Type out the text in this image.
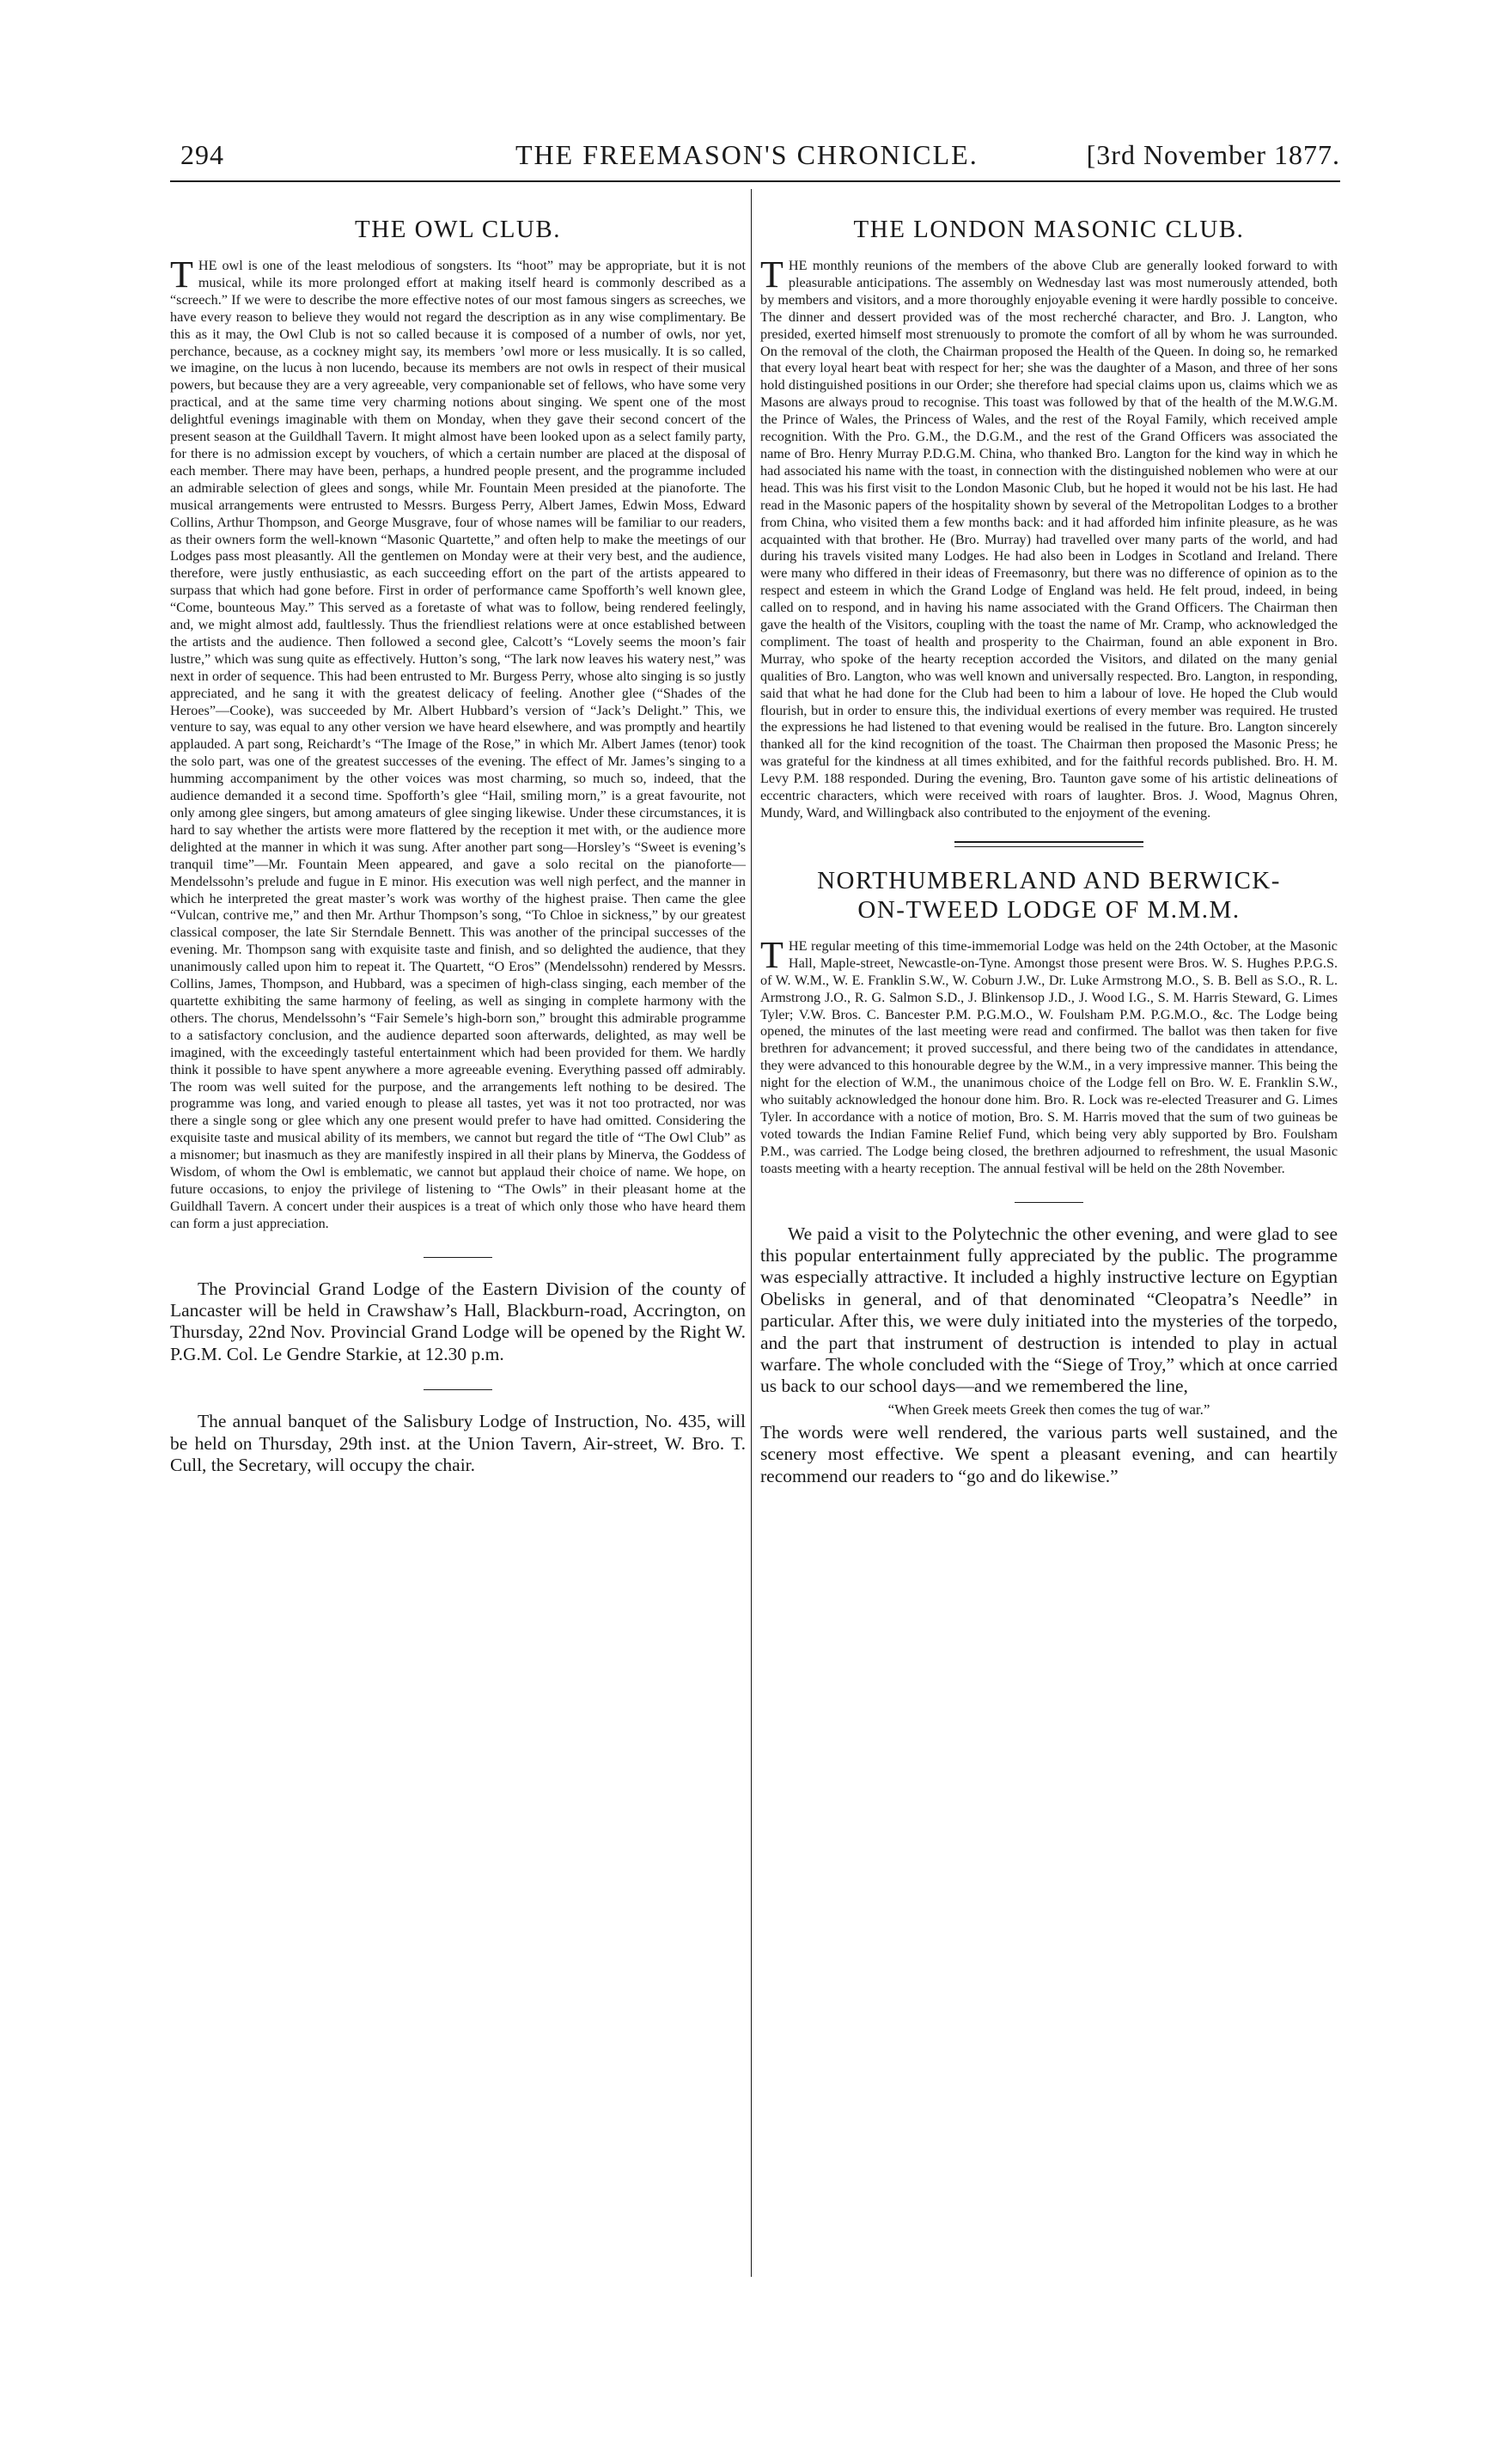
294	THE FREEMASON'S CHRONICLE.	[3rd November 1877.
THE OWL CLUB.

THE owl is one of the least melodious of songsters. Its “hoot” may be appropriate, but it is not musical, while its more prolonged effort at making itself heard is commonly described as a “screech.” If we were to describe the more effective notes of our most famous singers as screeches, we have every reason to believe they would not regard the description as in any wise complimentary. Be this as it may, the Owl Club is not so called because it is composed of a number of owls, nor yet, perchance, because, as a cockney might say, its members ’owl more or less musically. It is so called, we imagine, on the lucus à non lucendo, because its members are not owls in respect of their musical powers, but because they are a very agreeable, very companionable set of fellows, who have some very practical, and at the same time very charming notions about singing. We spent one of the most delightful evenings imaginable with them on Monday, when they gave their second concert of the present season at the Guildhall Tavern. It might almost have been looked upon as a select family party, for there is no admission except by vouchers, of which a certain number are placed at the disposal of each member. There may have been, perhaps, a hundred people present, and the programme included an admirable selection of glees and songs, while Mr. Fountain Meen presided at the pianoforte. The musical arrangements were entrusted to Messrs. Burgess Perry, Albert James, Edwin Moss, Edward Collins, Arthur Thompson, and George Musgrave, four of whose names will be familiar to our readers, as their owners form the well-known “Masonic Quartette,” and often help to make the meetings of our Lodges pass most pleasantly. All the gentlemen on Monday were at their very best, and the audience, therefore, were justly enthusiastic, as each succeeding effort on the part of the artists appeared to surpass that which had gone before. First in order of performance came Spofforth’s well known glee, “Come, bounteous May.” This served as a foretaste of what was to follow, being rendered feelingly, and, we might almost add, faultlessly. Thus the friendliest relations were at once established between the artists and the audience. Then followed a second glee, Calcott’s “Lovely seems the moon’s fair lustre,” which was sung quite as effectively. Hutton’s song, “The lark now leaves his watery nest,” was next in order of sequence. This had been entrusted to Mr. Burgess Perry, whose alto singing is so justly appreciated, and he sang it with the greatest delicacy of feeling. Another glee (“Shades of the Heroes”—Cooke), was succeeded by Mr. Albert Hubbard’s version of “Jack’s Delight.” This, we venture to say, was equal to any other version we have heard elsewhere, and was promptly and heartily applauded. A part song, Reichardt’s “The Image of the Rose,” in which Mr. Albert James (tenor) took the solo part, was one of the greatest successes of the evening. The effect of Mr. James’s singing to a humming accompaniment by the other voices was most charming, so much so, indeed, that the audience demanded it a second time. Spofforth’s glee “Hail, smiling morn,” is a great favourite, not only among glee singers, but among amateurs of glee singing likewise. Under these circumstances, it is hard to say whether the artists were more flattered by the reception it met with, or the audience more delighted at the manner in which it was sung. After another part song—Horsley’s “Sweet is evening’s tranquil time”—Mr. Fountain Meen appeared, and gave a solo recital on the pianoforte—Mendelssohn’s prelude and fugue in E minor. His execution was well nigh perfect, and the manner in which he interpreted the great master’s work was worthy of the highest praise. Then came the glee “Vulcan, contrive me,” and then Mr. Arthur Thompson’s song, “To Chloe in sickness,” by our greatest classical composer, the late Sir Sterndale Bennett. This was another of the principal successes of the evening. Mr. Thompson sang with exquisite taste and finish, and so delighted the audience, that they unanimously called upon him to repeat it. The Quartett, “O Eros” (Mendelssohn) rendered by Messrs. Collins, James, Thompson, and Hubbard, was a specimen of high-class singing, each member of the quartette exhibiting the same harmony of feeling, as well as singing in complete harmony with the others. The chorus, Mendelssohn’s “Fair Semele’s high-born son,” brought this admirable programme to a satisfactory conclusion, and the audience departed soon afterwards, delighted, as may well be imagined, with the exceedingly tasteful entertainment which had been provided for them. We hardly think it possible to have spent anywhere a more agreeable evening. Everything passed off admirably. The room was well suited for the purpose, and the arrangements left nothing to be desired. The programme was long, and varied enough to please all tastes, yet was it not too protracted, nor was there a single song or glee which any one present would prefer to have had omitted. Considering the exquisite taste and musical ability of its members, we cannot but regard the title of “The Owl Club” as a misnomer; but inasmuch as they are manifestly inspired in all their plans by Minerva, the Goddess of Wisdom, of whom the Owl is emblematic, we cannot but applaud their choice of name. We hope, on future occasions, to enjoy the privilege of listening to “The Owls” in their pleasant home at the Guildhall Tavern. A concert under their auspices is a treat of which only those who have heard them can form a just appreciation.

The Provincial Grand Lodge of the Eastern Division of the county of Lancaster will be held in Crawshaw’s Hall, Blackburn-road, Accrington, on Thursday, 22nd Nov. Provincial Grand Lodge will be opened by the Right W. P.G.M. Col. Le Gendre Starkie, at 12.30 p.m.

The annual banquet of the Salisbury Lodge of Instruction, No. 435, will be held on Thursday, 29th inst. at the Union Tavern, Air-street, W. Bro. T. Cull, the Secretary, will occupy the chair.

THE LONDON MASONIC CLUB.

THE monthly reunions of the members of the above Club are generally looked forward to with pleasurable anticipations. The assembly on Wednesday last was most numerously attended, both by members and visitors, and a more thoroughly enjoyable evening it were hardly possible to conceive. The dinner and dessert provided was of the most recherché character, and Bro. J. Langton, who presided, exerted himself most strenuously to promote the comfort of all by whom he was surrounded. On the removal of the cloth, the Chairman proposed the Health of the Queen. In doing so, he remarked that every loyal heart beat with respect for her; she was the daughter of a Mason, and three of her sons hold distinguished positions in our Order; she therefore had special claims upon us, claims which we as Masons are always proud to recognise. This toast was followed by that of the health of the M.W.G.M. the Prince of Wales, the Princess of Wales, and the rest of the Royal Family, which received ample recognition. With the Pro. G.M., the D.G.M., and the rest of the Grand Officers was associated the name of Bro. Henry Murray P.D.G.M. China, who thanked Bro. Langton for the kind way in which he had associated his name with the toast, in connection with the distinguished noblemen who were at our head. This was his first visit to the London Masonic Club, but he hoped it would not be his last. He had read in the Masonic papers of the hospitality shown by several of the Metropolitan Lodges to a brother from China, who visited them a few months back: and it had afforded him infinite pleasure, as he was acquainted with that brother. He (Bro. Murray) had travelled over many parts of the world, and had during his travels visited many Lodges. He had also been in Lodges in Scotland and Ireland. There were many who differed in their ideas of Freemasonry, but there was no difference of opinion as to the respect and esteem in which the Grand Lodge of England was held. He felt proud, indeed, in being called on to respond, and in having his name associated with the Grand Officers. The Chairman then gave the health of the Visitors, coupling with the toast the name of Mr. Cramp, who acknowledged the compliment. The toast of health and prosperity to the Chairman, found an able exponent in Bro. Murray, who spoke of the hearty reception accorded the Visitors, and dilated on the many genial qualities of Bro. Langton, who was well known and universally respected. Bro. Langton, in responding, said that what he had done for the Club had been to him a labour of love. He hoped the Club would flourish, but in order to ensure this, the individual exertions of every member was required. He trusted the expressions he had listened to that evening would be realised in the future. Bro. Langton sincerely thanked all for the kind recognition of the toast. The Chairman then proposed the Masonic Press; he was grateful for the kindness at all times exhibited, and for the faithful records published. Bro. H. M. Levy P.M. 188 responded. During the evening, Bro. Taunton gave some of his artistic delineations of eccentric characters, which were received with roars of laughter. Bros. J. Wood, Magnus Ohren, Mundy, Ward, and Willingback also contributed to the enjoyment of the evening.

NORTHUMBERLAND AND BERWICK-ON-TWEED LODGE OF M.M.M.

THE regular meeting of this time-immemorial Lodge was held on the 24th October, at the Masonic Hall, Maple-street, Newcastle-on-Tyne. Amongst those present were Bros. W. S. Hughes P.P.G.S. of W. W.M., W. E. Franklin S.W., W. Coburn J.W., Dr. Luke Armstrong M.O., S. B. Bell as S.O., R. L. Armstrong J.O., R. G. Salmon S.D., J. Blinkensop J.D., J. Wood I.G., S. M. Harris Steward, G. Limes Tyler; V.W. Bros. C. Bancester P.M. P.G.M.O., W. Foulsham P.M. P.G.M.O., &c. The Lodge being opened, the minutes of the last meeting were read and confirmed. The ballot was then taken for five brethren for advancement; it proved successful, and there being two of the candidates in attendance, they were advanced to this honourable degree by the W.M., in a very impressive manner. This being the night for the election of W.M., the unanimous choice of the Lodge fell on Bro. W. E. Franklin S.W., who suitably acknowledged the honour done him. Bro. R. Lock was re-elected Treasurer and G. Limes Tyler. In accordance with a notice of motion, Bro. S. M. Harris moved that the sum of two guineas be voted towards the Indian Famine Relief Fund, which being very ably supported by Bro. Foulsham P.M., was carried. The Lodge being closed, the brethren adjourned to refreshment, the usual Masonic toasts meeting with a hearty reception. The annual festival will be held on the 28th November.

We paid a visit to the Polytechnic the other evening, and were glad to see this popular entertainment fully appreciated by the public. The programme was especially attractive. It included a highly instructive lecture on Egyptian Obelisks in general, and of that denominated “Cleopatra’s Needle” in particular. After this, we were duly initiated into the mysteries of the torpedo, and the part that instrument of destruction is intended to play in actual warfare. The whole concluded with the “Siege of Troy,” which at once carried us back to our school days—and we remembered the line,

“When Greek meets Greek then comes the tug of war.”

The words were well rendered, the various parts well sustained, and the scenery most effective. We spent a pleasant evening, and can heartily recommend our readers to “go and do likewise.”
